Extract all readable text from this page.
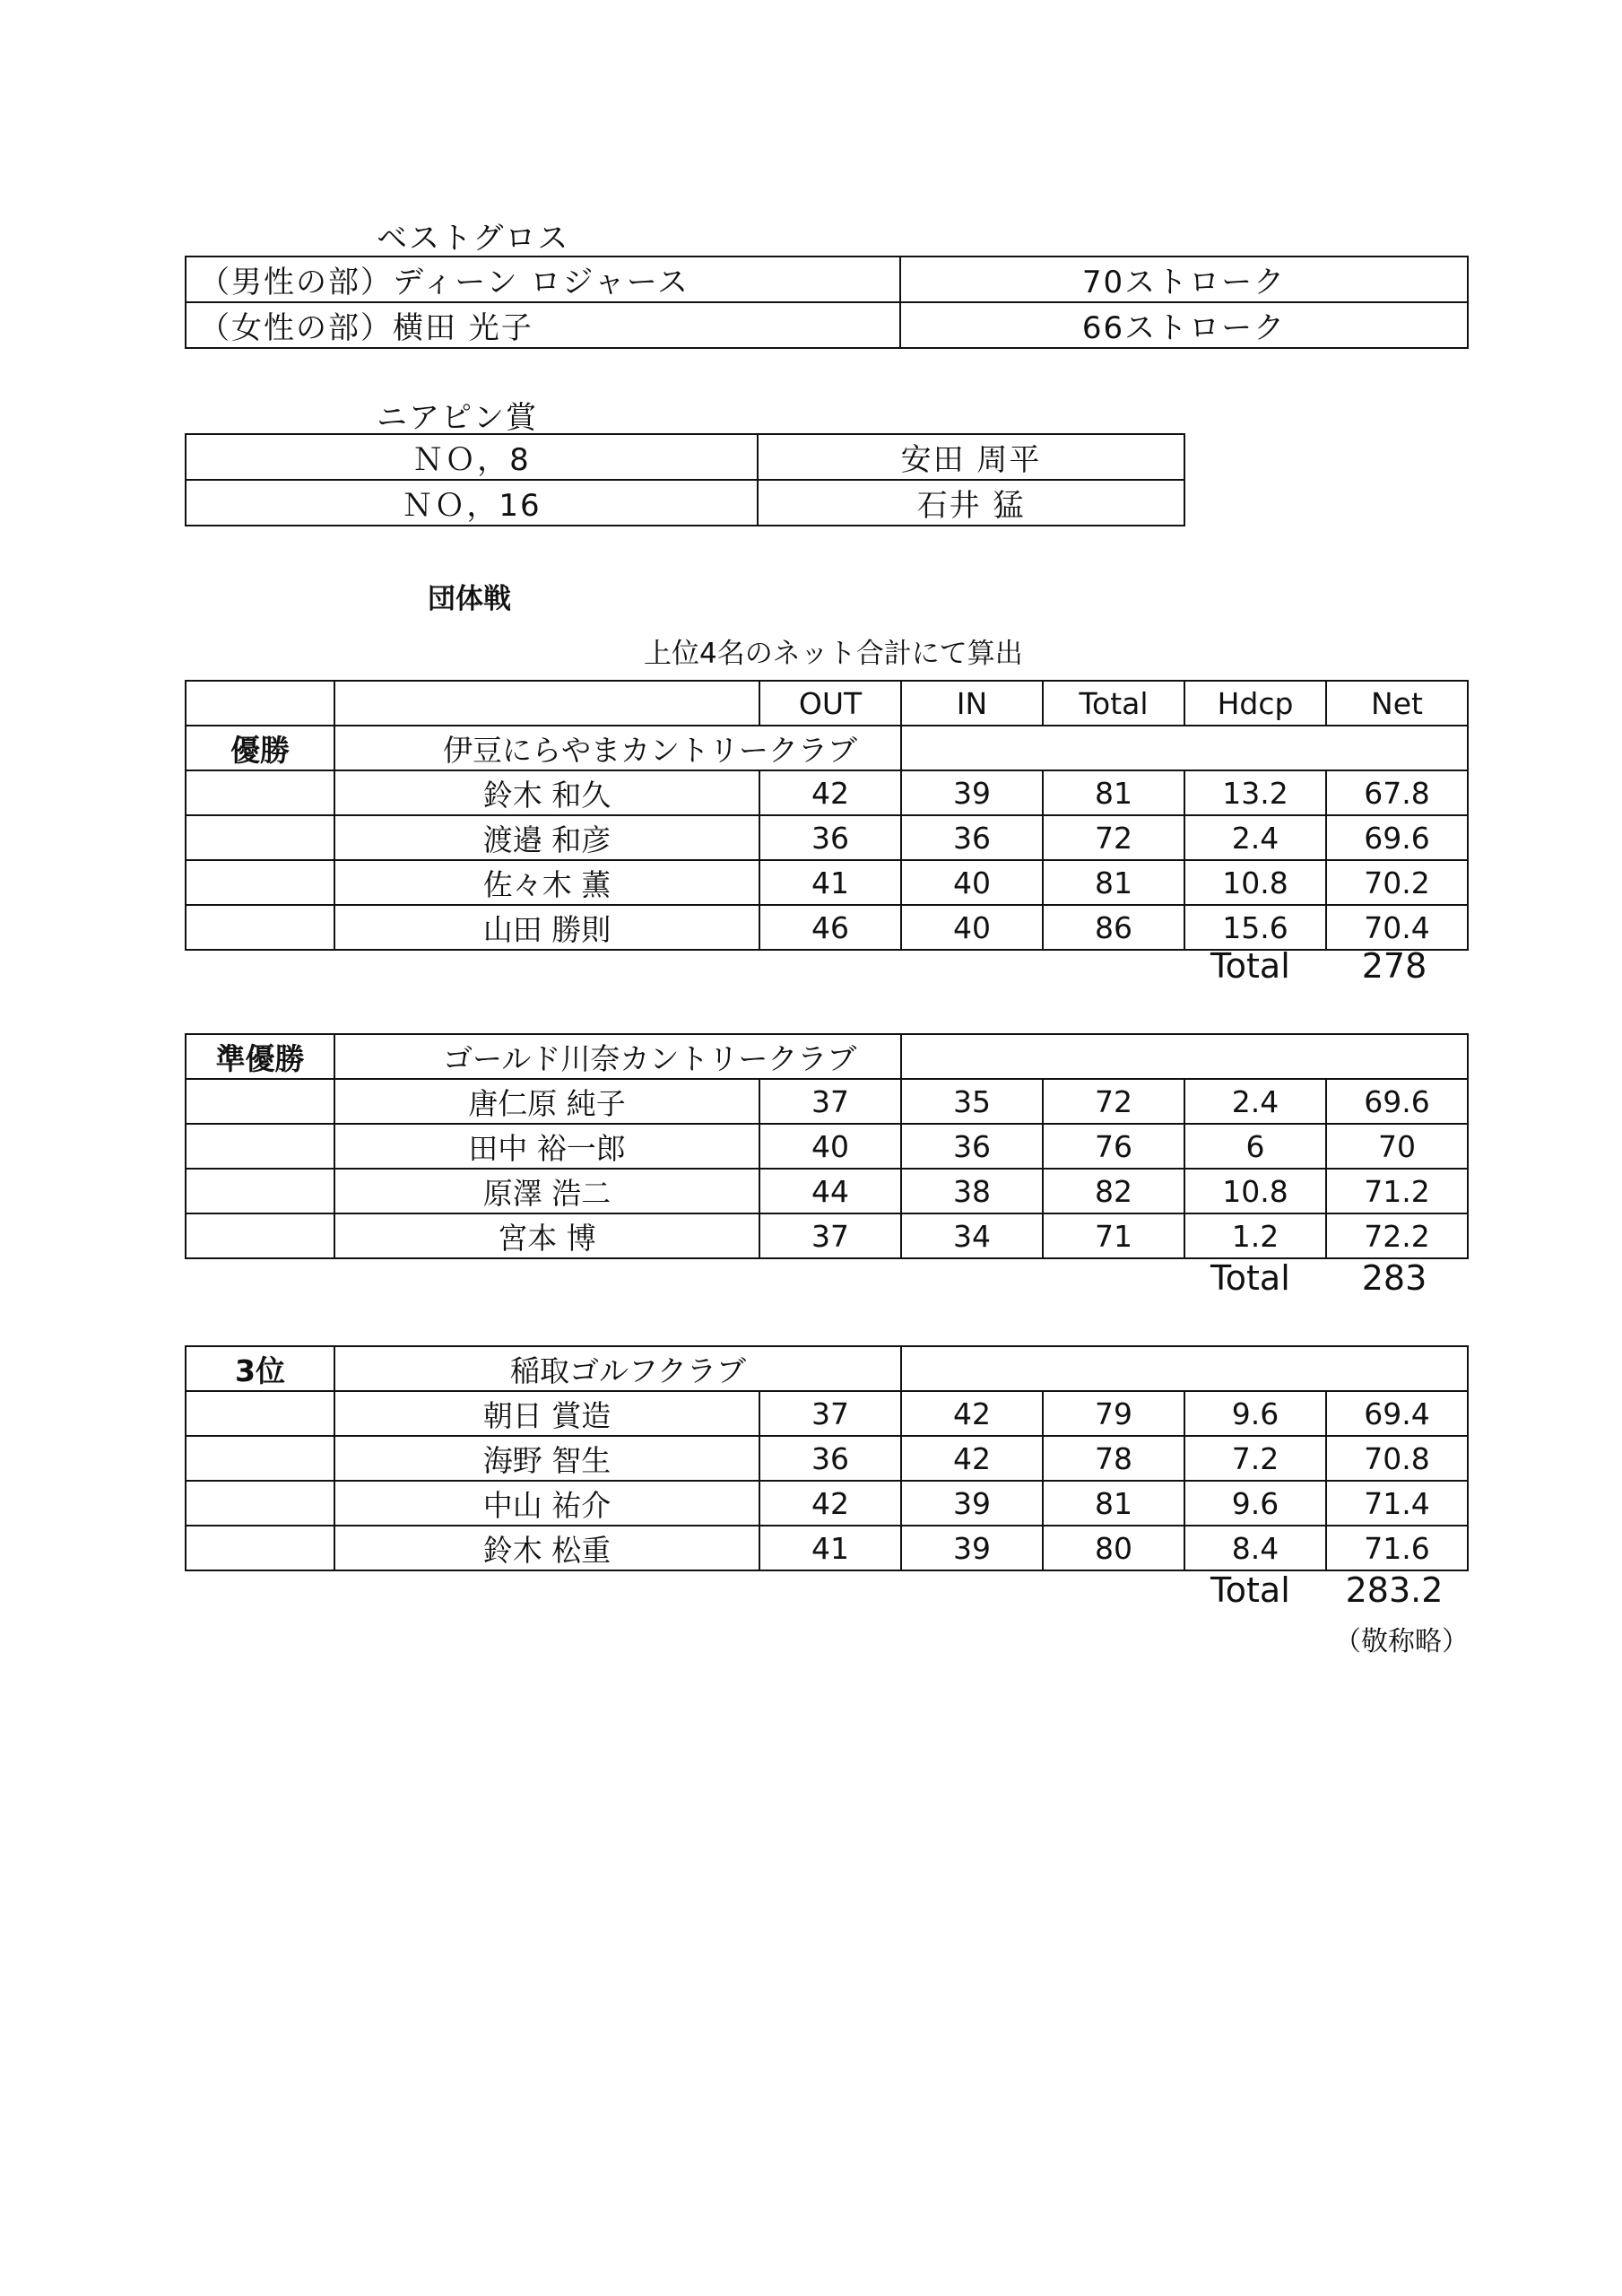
ベストグロス
（男性の部）ディーン ロジャース	70ストローク
（女性の部）横田 光子	66ストローク
ニアピン賞
ＮＯ，8	安田 周平
ＮＯ，16	石井 猛
団体戦
上位4名のネット合計にて算出
		OUT	IN	Total	Hdcp	Net
優勝	伊豆にらやまカントリークラブ					
	鈴木 和久	42	39	81	13.2	67.8
	渡邉 和彦	36	36	72	2.4	69.6
	佐々木 薫	41	40	81	10.8	70.2
	山田 勝則	46	40	86	15.6	70.4
Total	278
準優勝	ゴールド川奈カントリークラブ					
	唐仁原 純子	37	35	72	2.4	69.6
	田中 裕一郎	40	36	76	6	70
	原澤 浩二	44	38	82	10.8	71.2
	宮本 博	37	34	71	1.2	72.2
Total	283
3位	稲取ゴルフクラブ					
	朝日 賞造	37	42	79	9.6	69.4
	海野 智生	36	42	78	7.2	70.8
	中山 祐介	42	39	81	9.6	71.4
	鈴木 松重	41	39	80	8.4	71.6
Total	283.2
（敬称略）
